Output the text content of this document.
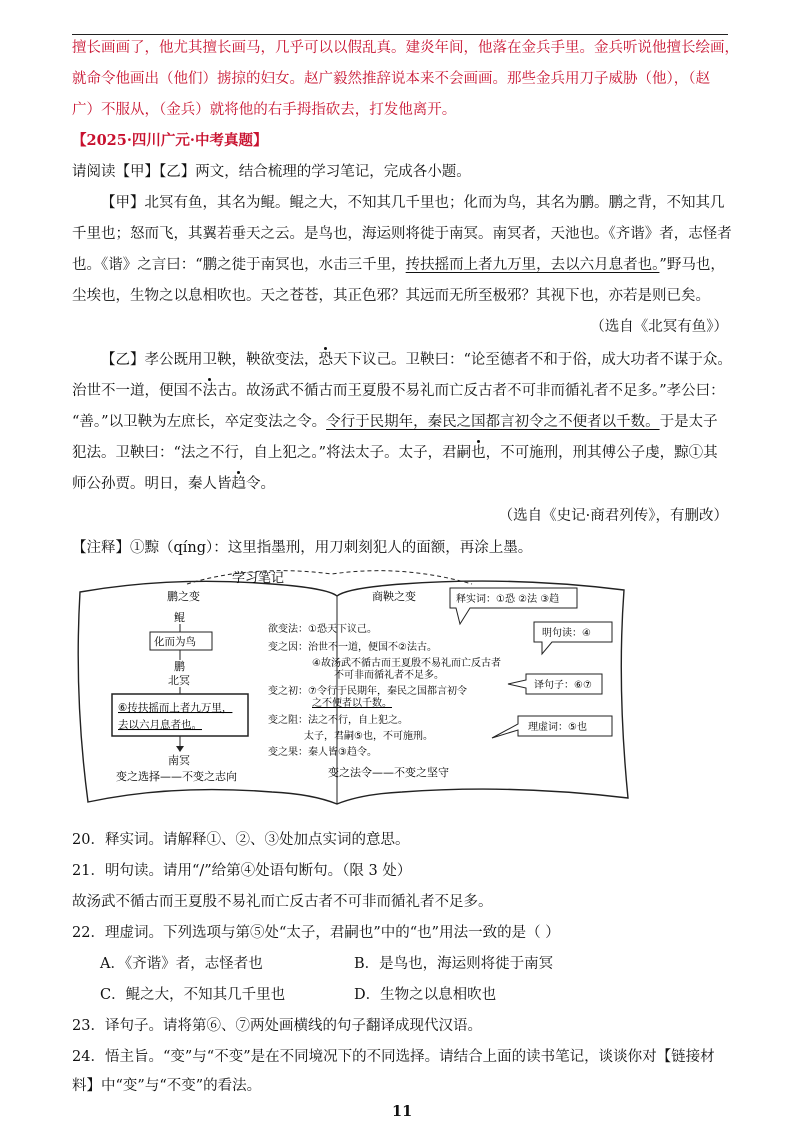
擅长画画了，他尤其擅长画马，几乎可以以假乱真。建炎年间，他落在金兵手里。金兵听说他擅长绘画，
就命令他画出（他们）掳掠的妇女。赵广毅然推辞说本来不会画画。那些金兵用刀子威胁（他），（赵
广）不服从，（金兵）就将他的右手拇指砍去，打发他离开。
【2025·四川广元·中考真题】
请阅读【甲】【乙】两文，结合梳理的学习笔记，完成各小题。
【甲】北冥有鱼，其名为鲲。鲲之大，不知其几千里也；化而为鸟，其名为鹏。鹏之背，不知其几
千里也；怒而飞，其翼若垂天之云。是鸟也，海运则将徙于南冥。南冥者，天池也。《齐谐》者，志怪者
也。《谐》之言曰：“鹏之徙于南冥也，水击三千里，抟扶摇而上者九万里，去以六月息者也。”野马也，
尘埃也，生物之以息相吹也。天之苍苍，其正色邪？其远而无所至极邪？其视下也，亦若是则已矣。
（选自《北冥有鱼》）
【乙】孝公既用卫鞅，鞅欲变法，恐天下议己。卫鞅曰：“论至德者不和于俗，成大功者不谋于众。
治世不一道，便国不法古。故汤武不循古而王夏殷不易礼而亡反古者不可非而循礼者不足多。”孝公曰：
“善。”以卫鞅为左庶长，卒定变法之令。令行于民期年，秦民之国都言初令之不便者以千数。于是太子
犯法。卫鞅曰：“法之不行，自上犯之。”将法太子。太子，君嗣也，不可施刑，刑其傅公子虔，黥①其
师公孙贾。明日，秦人皆趋令。
（选自《史记·商君列传》，有删改）
【注释】①黥（qíng）：这里指墨刑，用刀刺刻犯人的面额，再涂上墨。
学习笔记
鹏之变
鲲
化而为鸟
鹏
北冥
⑥抟扶摇而上者九万里，
去以六月息者也。
南冥
变之选择——不变之志向
商鞅之变
欲变法：①恐天下议己。
变之因：治世不一道，便国不②法古。
④故汤武不循古而王夏殷不易礼而亡反古者
不可非而循礼者不足多。
变之初：⑦令行于民期年，秦民之国都言初令
之不便者以千数。
变之阻：法之不行，自上犯之。
太子，君嗣⑤也，不可施刑。
变之果：秦人皆③趋令。
变之法令——不变之坚守
释实词：①恐 ②法 ③趋
明句读：④
译句子：⑥⑦
理虚词：⑤也
20．释实词。请解释①、②、③处加点实词的意思。
21．明句读。请用“/”给第④处语句断句。（限 3 处）
故汤武不循古而王夏殷不易礼而亡反古者不可非而循礼者不足多。
22．理虚词。下列选项与第⑤处“太子，君嗣也”中的“也”用法一致的是（ ）
A．《齐谐》者，志怪者也	B．是鸟也，海运则将徙于南冥
C．鲲之大，不知其几千里也	D．生物之以息相吹也
23．译句子。请将第⑥、⑦两处画横线的句子翻译成现代汉语。
24．悟主旨。“变”与“不变”是在不同境况下的不同选择。请结合上面的读书笔记，谈谈你对【链接材
料】中“变”与“不变”的看法。
11
